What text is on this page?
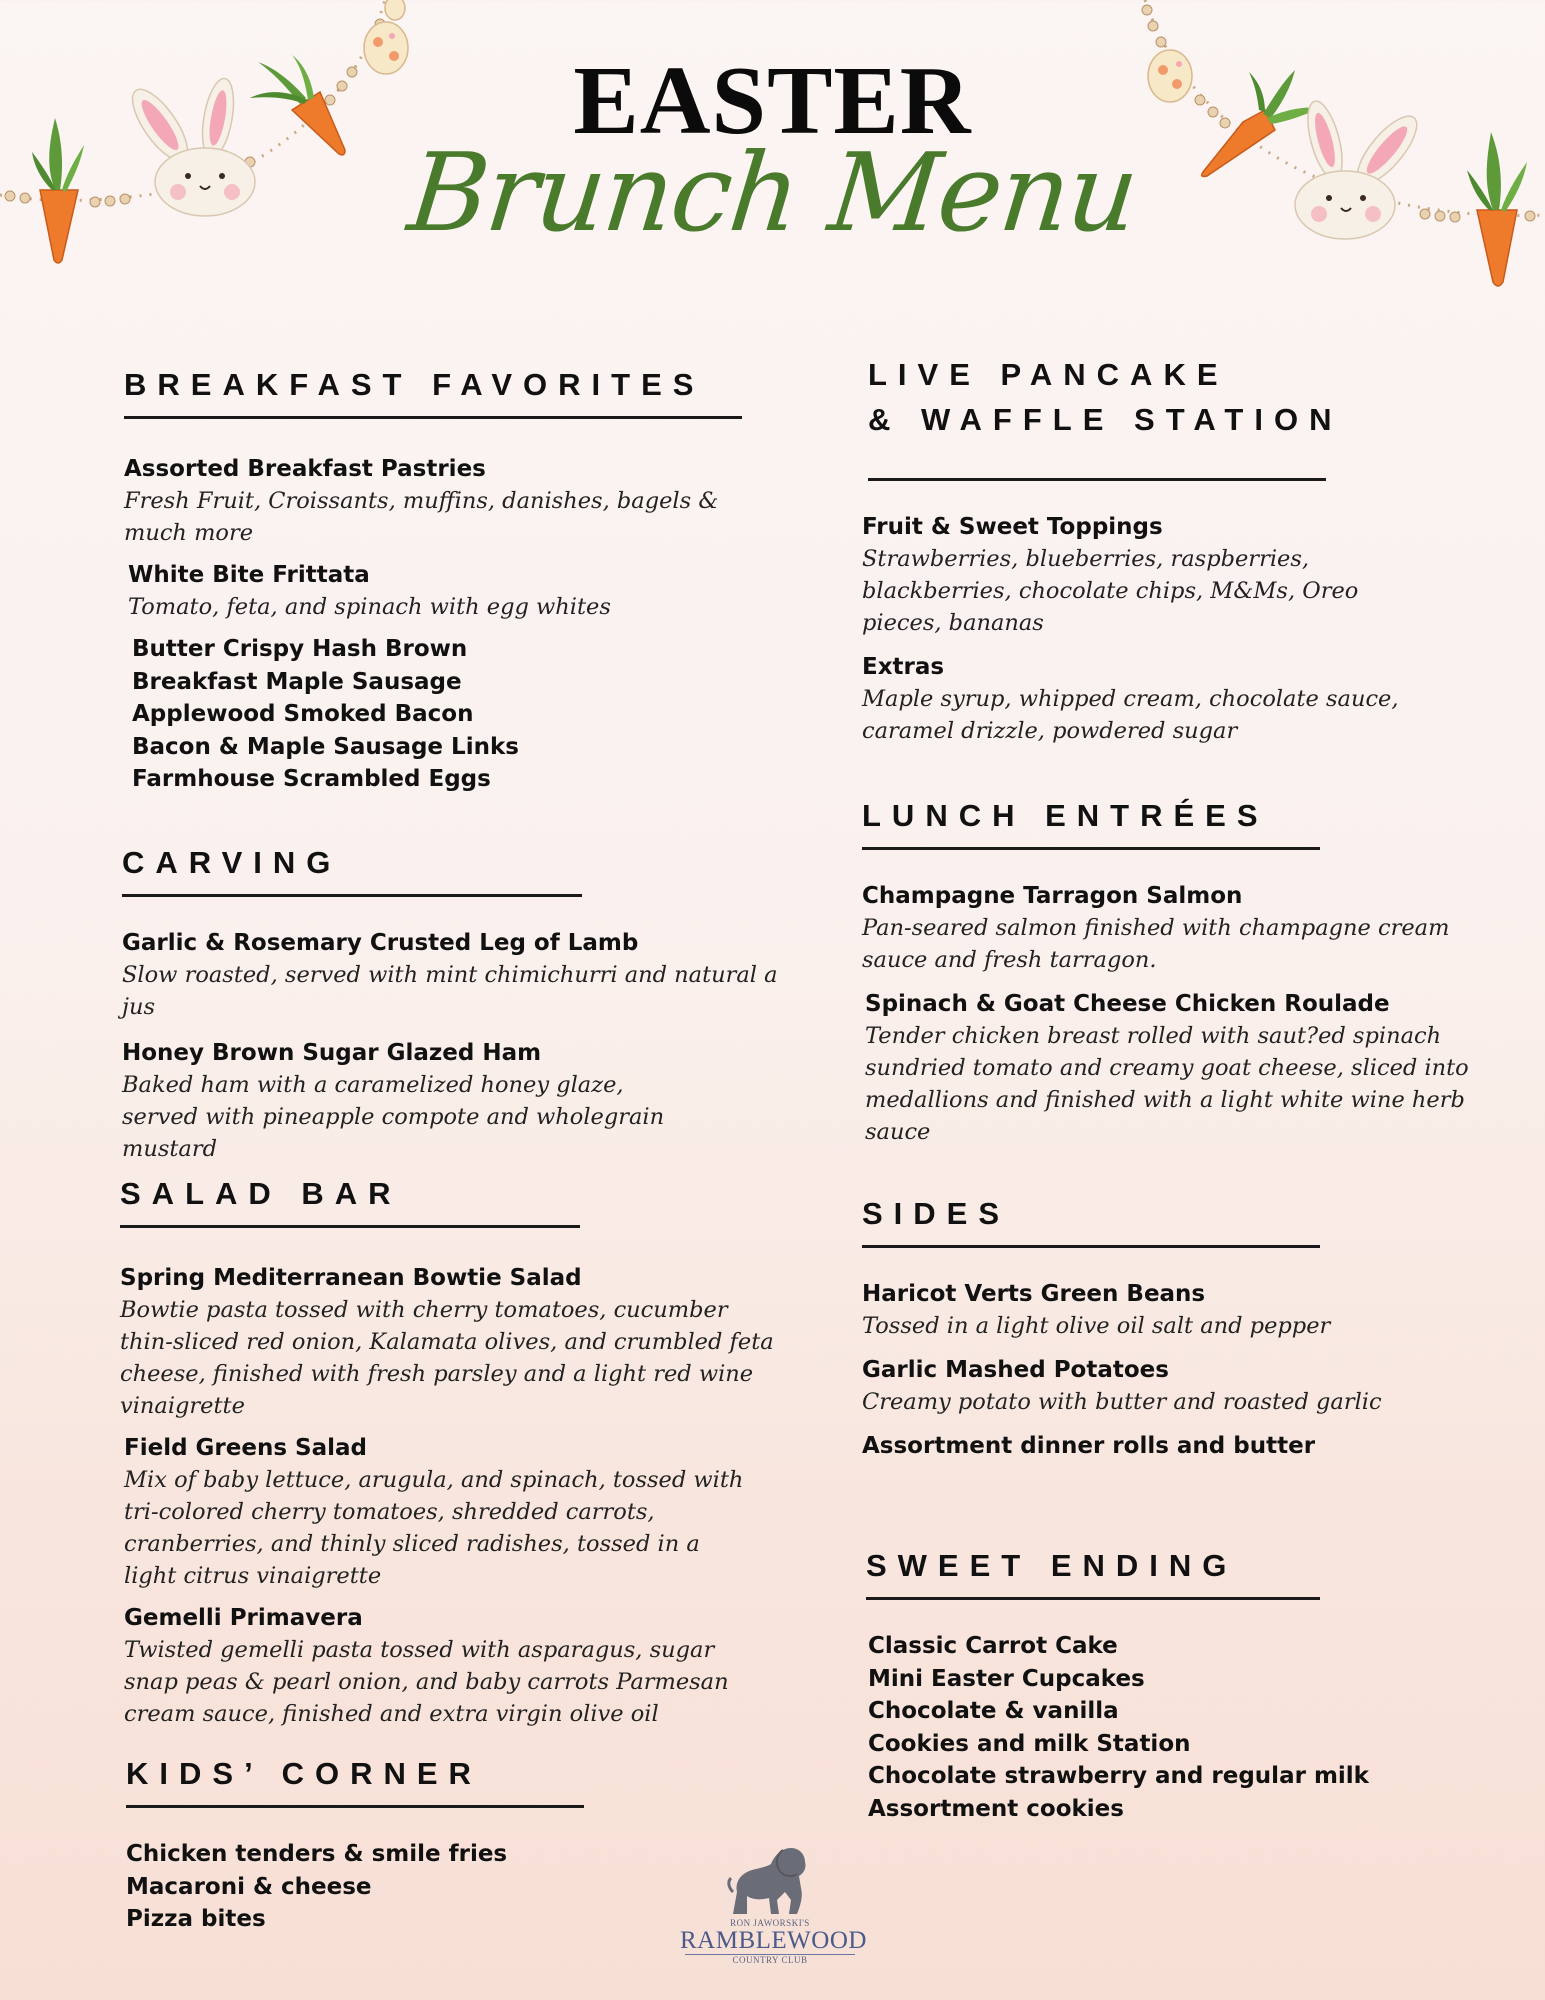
EASTER
Brunch Menu
BREAKFAST FAVORITES
Assorted Breakfast Pastries
Fresh Fruit, Croissants, muffins, danishes, bagels & much more
White Bite Frittata
Tomato, feta, and spinach with egg whites
Butter Crispy Hash Brown
Breakfast Maple Sausage
Applewood Smoked Bacon
Bacon & Maple Sausage Links
Farmhouse Scrambled Eggs
CARVING
Garlic & Rosemary Crusted Leg of Lamb
Slow roasted, served with mint chimichurri and natural a jus
Honey Brown Sugar Glazed Ham
Baked ham with a caramelized honey glaze, served with pineapple compote and wholegrain mustard
SALAD BAR
Spring Mediterranean Bowtie Salad
Bowtie pasta tossed with cherry tomatoes, cucumber thin-sliced red onion, Kalamata olives, and crumbled feta cheese, finished with fresh parsley and a light red wine vinaigrette
Field Greens Salad
Mix of baby lettuce, arugula, and spinach, tossed with tri-colored cherry tomatoes, shredded carrots, cranberries, and thinly sliced radishes, tossed in a light citrus vinaigrette
Gemelli Primavera
Twisted gemelli pasta tossed with asparagus, sugar snap peas & pearl onion, and baby carrots Parmesan cream sauce, finished and extra virgin olive oil
KIDS’ CORNER
Chicken tenders & smile fries
Macaroni & cheese
Pizza bites
LIVE PANCAKE
& WAFFLE STATION
Fruit & Sweet Toppings
Strawberries, blueberries, raspberries, blackberries, chocolate chips, M&Ms, Oreo pieces, bananas
Extras
Maple syrup, whipped cream, chocolate sauce, caramel drizzle, powdered sugar
LUNCH ENTRÉES
Champagne Tarragon Salmon
Pan-seared salmon finished with champagne cream sauce and fresh tarragon.
Spinach & Goat Cheese Chicken Roulade
Tender chicken breast rolled with saut?ed spinach sundried tomato and creamy goat cheese, sliced into medallions and finished with a light white wine herb sauce
SIDES
Haricot Verts Green Beans
Tossed in a light olive oil salt and pepper
Garlic Mashed Potatoes
Creamy potato with butter and roasted garlic
Assortment dinner rolls and butter
SWEET ENDING
Classic Carrot Cake
Mini Easter Cupcakes
Chocolate & vanilla
Cookies and milk Station
Chocolate strawberry and regular milk
Assortment cookies
RON JAWORSKI'S
RAMBLEWOOD
COUNTRY CLUB
